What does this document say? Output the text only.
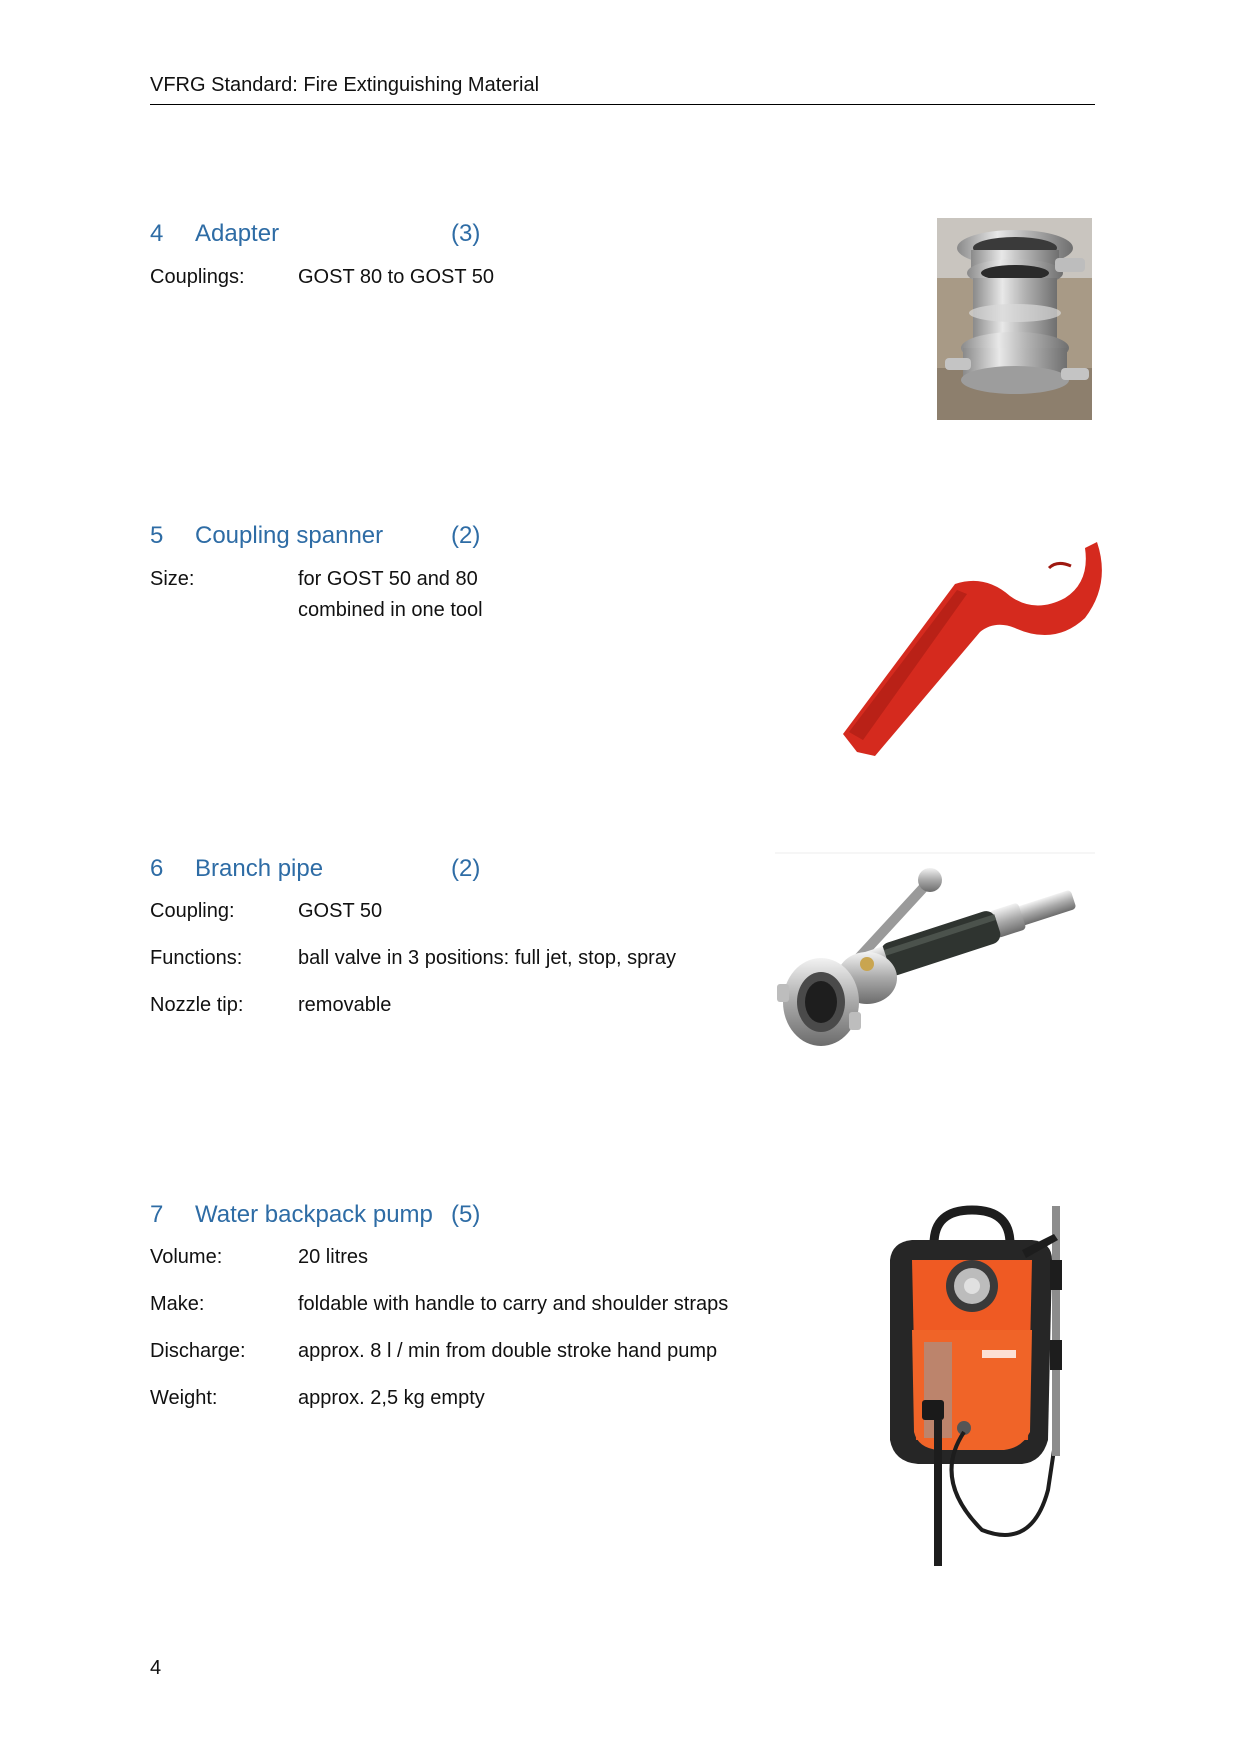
VFRG Standard: Fire Extinguishing Material
4 Adapter	(3)
Couplings:	GOST 80 to GOST 50
5 Coupling spanner	(2)
Size:	for GOST 50 and 80
combined in one tool
6 Branch pipe	(2)
Coupling:	GOST 50
Functions:	ball valve in 3 positions: full jet, stop, spray
Nozzle tip:	removable
7 Water backpack pump (5)
Volume:	20 litres
Make:	foldable with handle to carry and shoulder straps
Discharge:	approx. 8 l / min from double stroke hand pump
Weight:	approx. 2,5 kg empty
4
